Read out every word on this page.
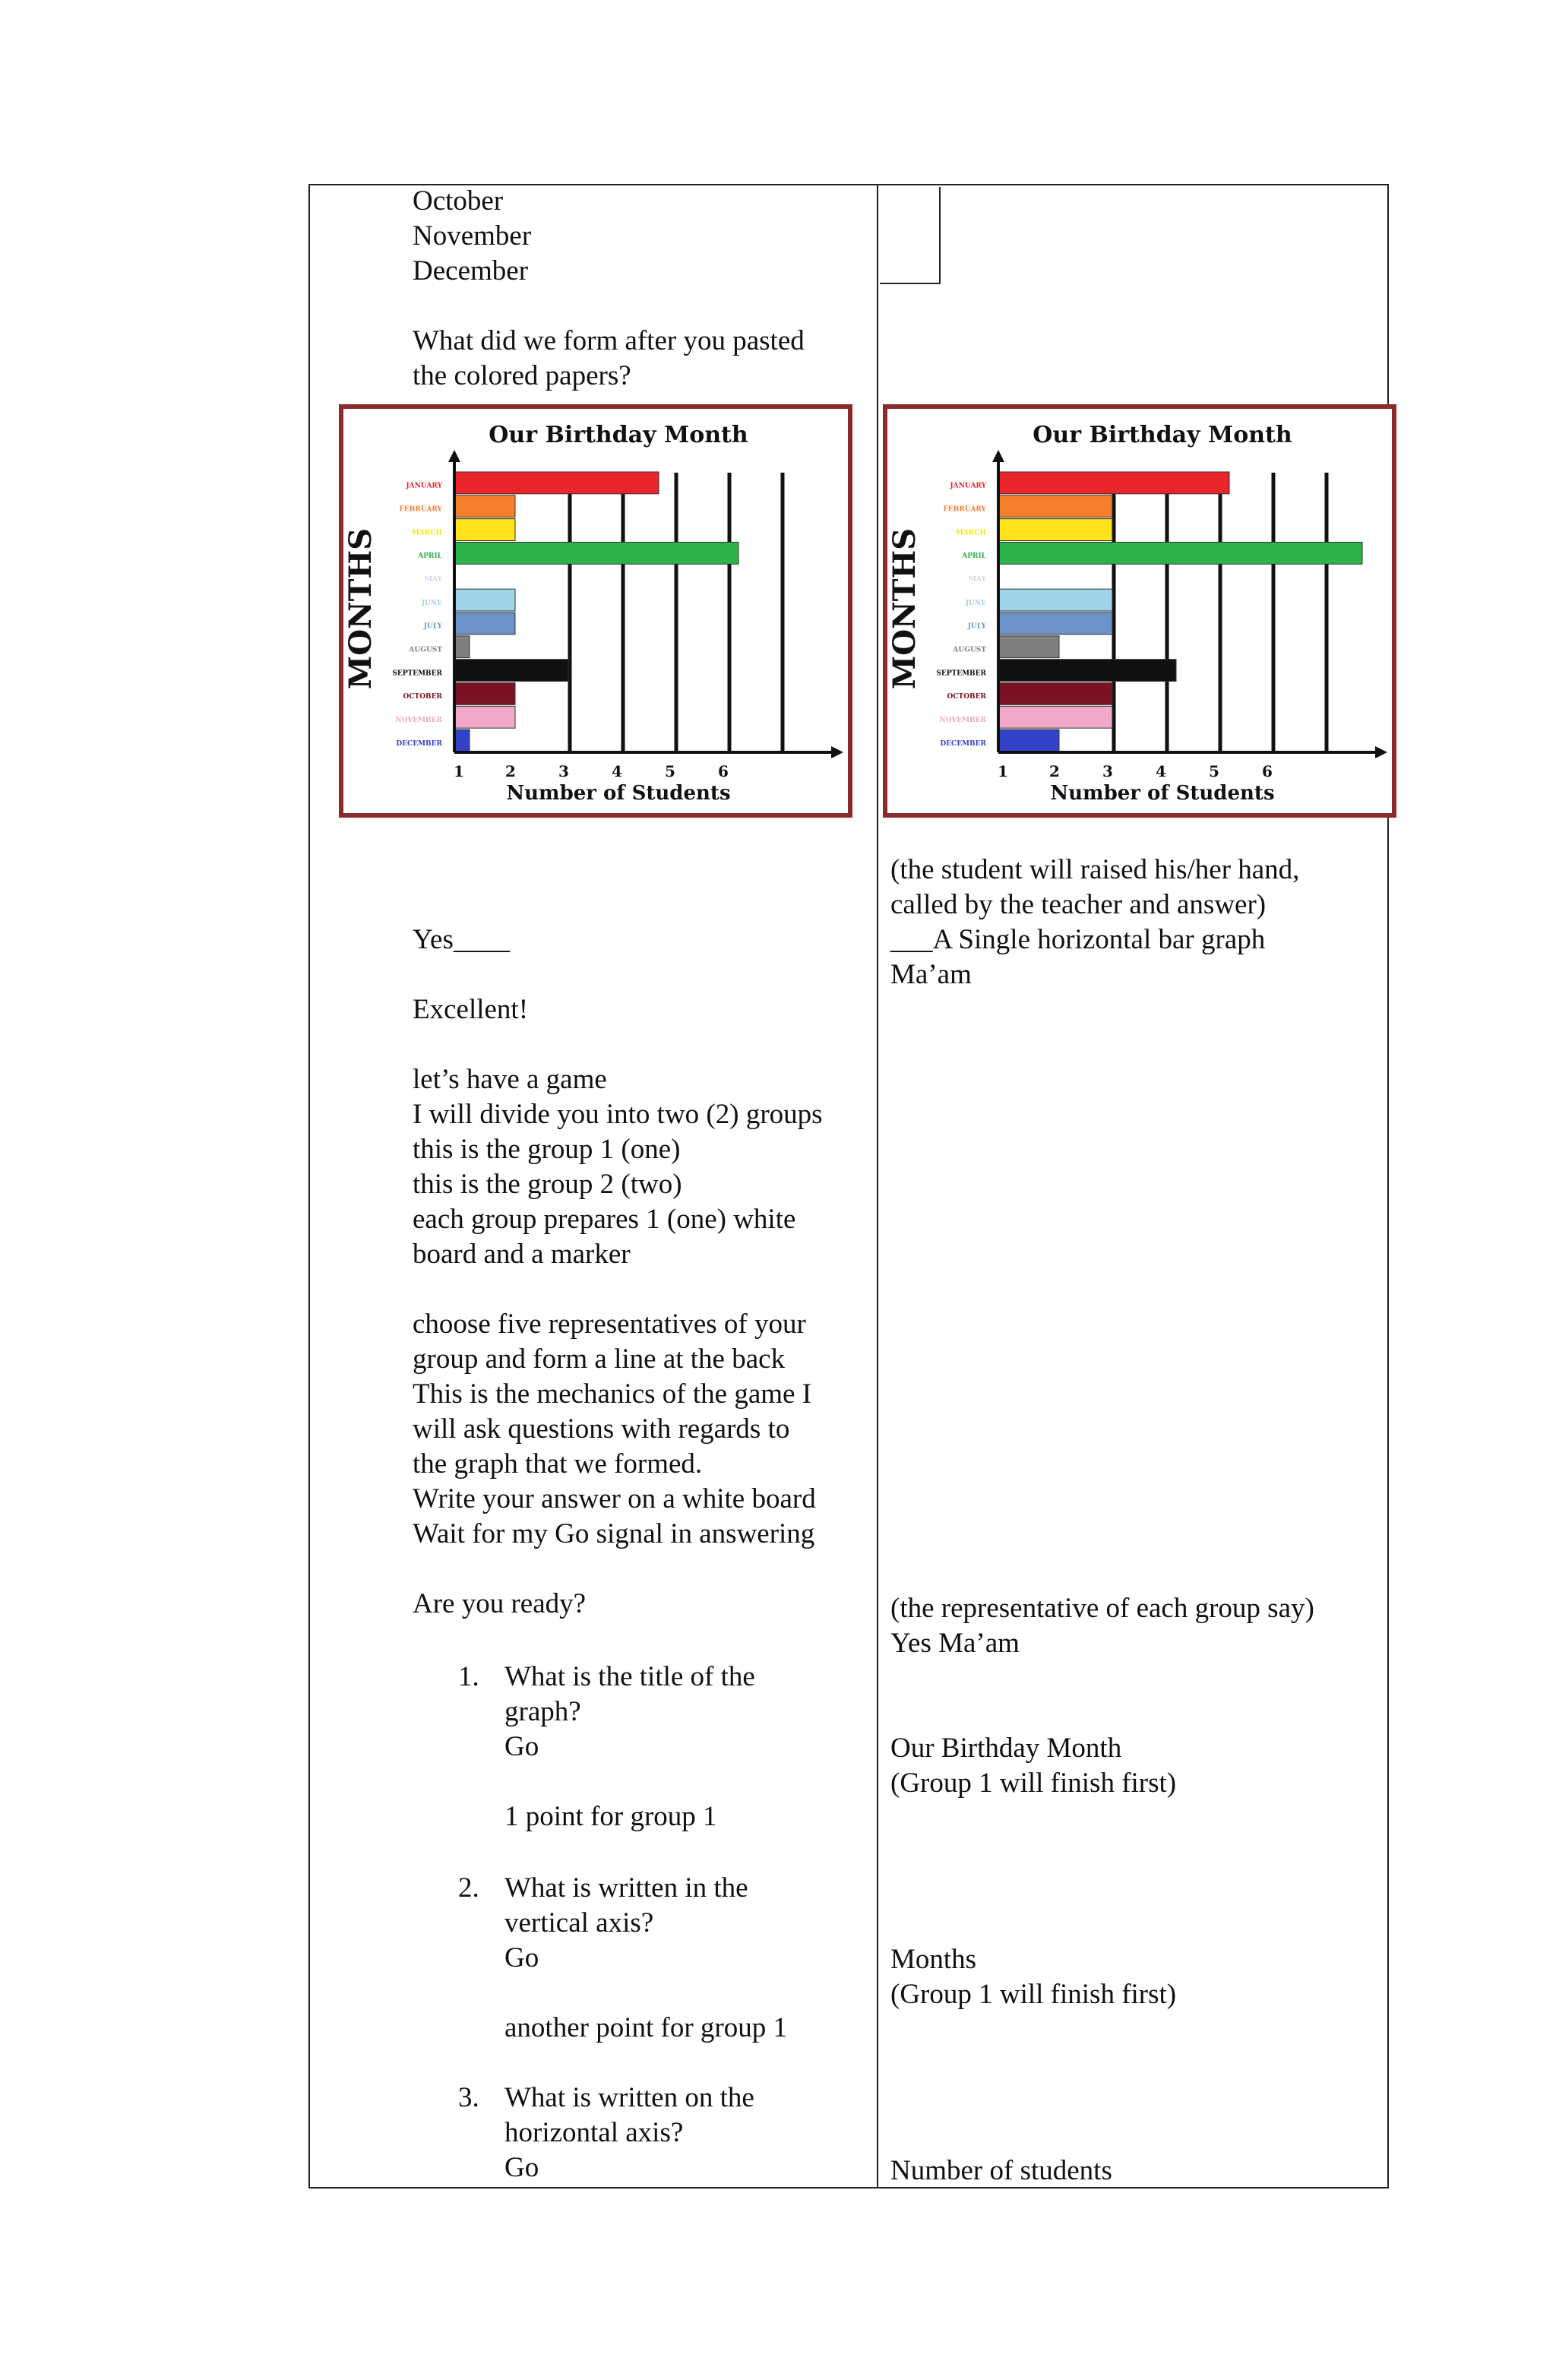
October
November
December
What did we form after you pasted
the colored papers?
Our Birthday Month
JANUARY
FEBRUARY
MARCH
APRIL
MAY
JUNE
JULY
AUGUST
SEPTEMBER
OCTOBER
NOVEMBER
DECEMBER
1	2	3	4	5	6
Number of Students
MONTHS
Our Birthday Month
JANUARY
FEBRUARY
MARCH
APRIL
MAY
JUNE
JULY
AUGUST
SEPTEMBER
OCTOBER
NOVEMBER
DECEMBER
1	2	3	4	5	6
Number of Students
MONTHS
Yes____
Excellent!
let’s have a game
I will divide you into two (2) groups
this is the group 1 (one)
this is the group 2 (two)
each group prepares 1 (one) white
board and a marker
choose five representatives of your
group and form a line at the back
This is the mechanics of the game I
will ask questions with regards to
the graph that we formed.
Write your answer on a white board
Wait for my Go signal in answering
Are you ready?
1. What is the title of the
graph?
Go
1 point for group 1
2. What is written in the
vertical axis?
Go
another point for group 1
3. What is written on the
horizontal axis?
Go
(the student will raised his/her hand,
called by the teacher and answer)
___A Single horizontal bar graph
Ma’am
(the representative of each group say)
Yes Ma’am
Our Birthday Month
(Group 1 will finish first)
Months
(Group 1 will finish first)
Number of students
